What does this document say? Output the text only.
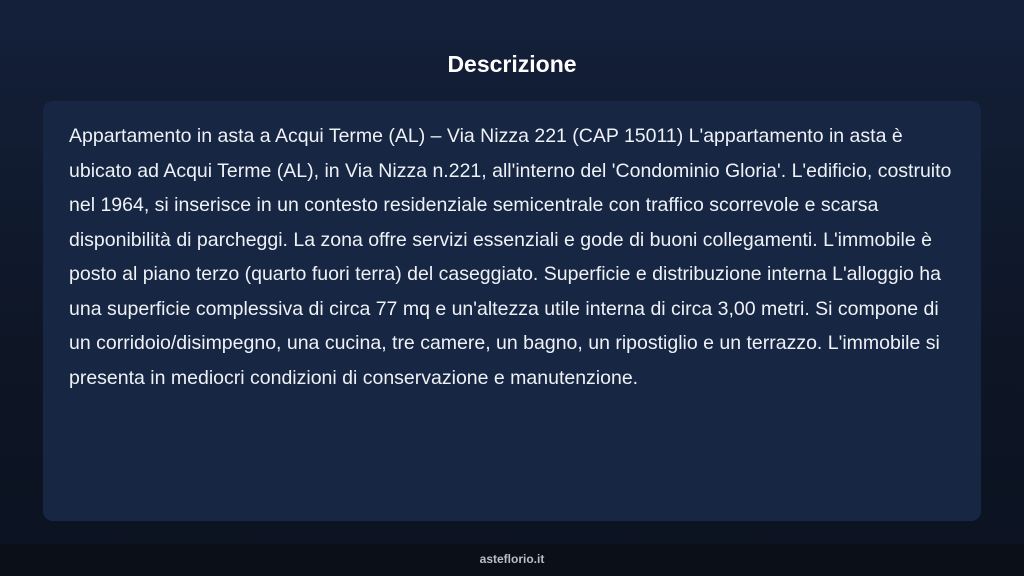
Descrizione

Appartamento in asta a Acqui Terme (AL) – Via Nizza 221 (CAP 15011) L'appartamento in asta è ubicato ad Acqui Terme (AL), in Via Nizza n.221, all'interno del 'Condominio Gloria'. L'edificio, costruito nel 1964, si inserisce in un contesto residenziale semicentrale con traffico scorrevole e scarsa disponibilità di parcheggi. La zona offre servizi essenziali e gode di buoni collegamenti. L'immobile è posto al piano terzo (quarto fuori terra) del caseggiato. Superficie e distribuzione interna L'alloggio ha una superficie complessiva di circa 77 mq e un'altezza utile interna di circa 3,00 metri. Si compone di un corridoio/disimpegno, una cucina, tre camere, un bagno, un ripostiglio e un terrazzo. L'immobile si presenta in mediocri condizioni di conservazione e manutenzione.

asteflorio.it
